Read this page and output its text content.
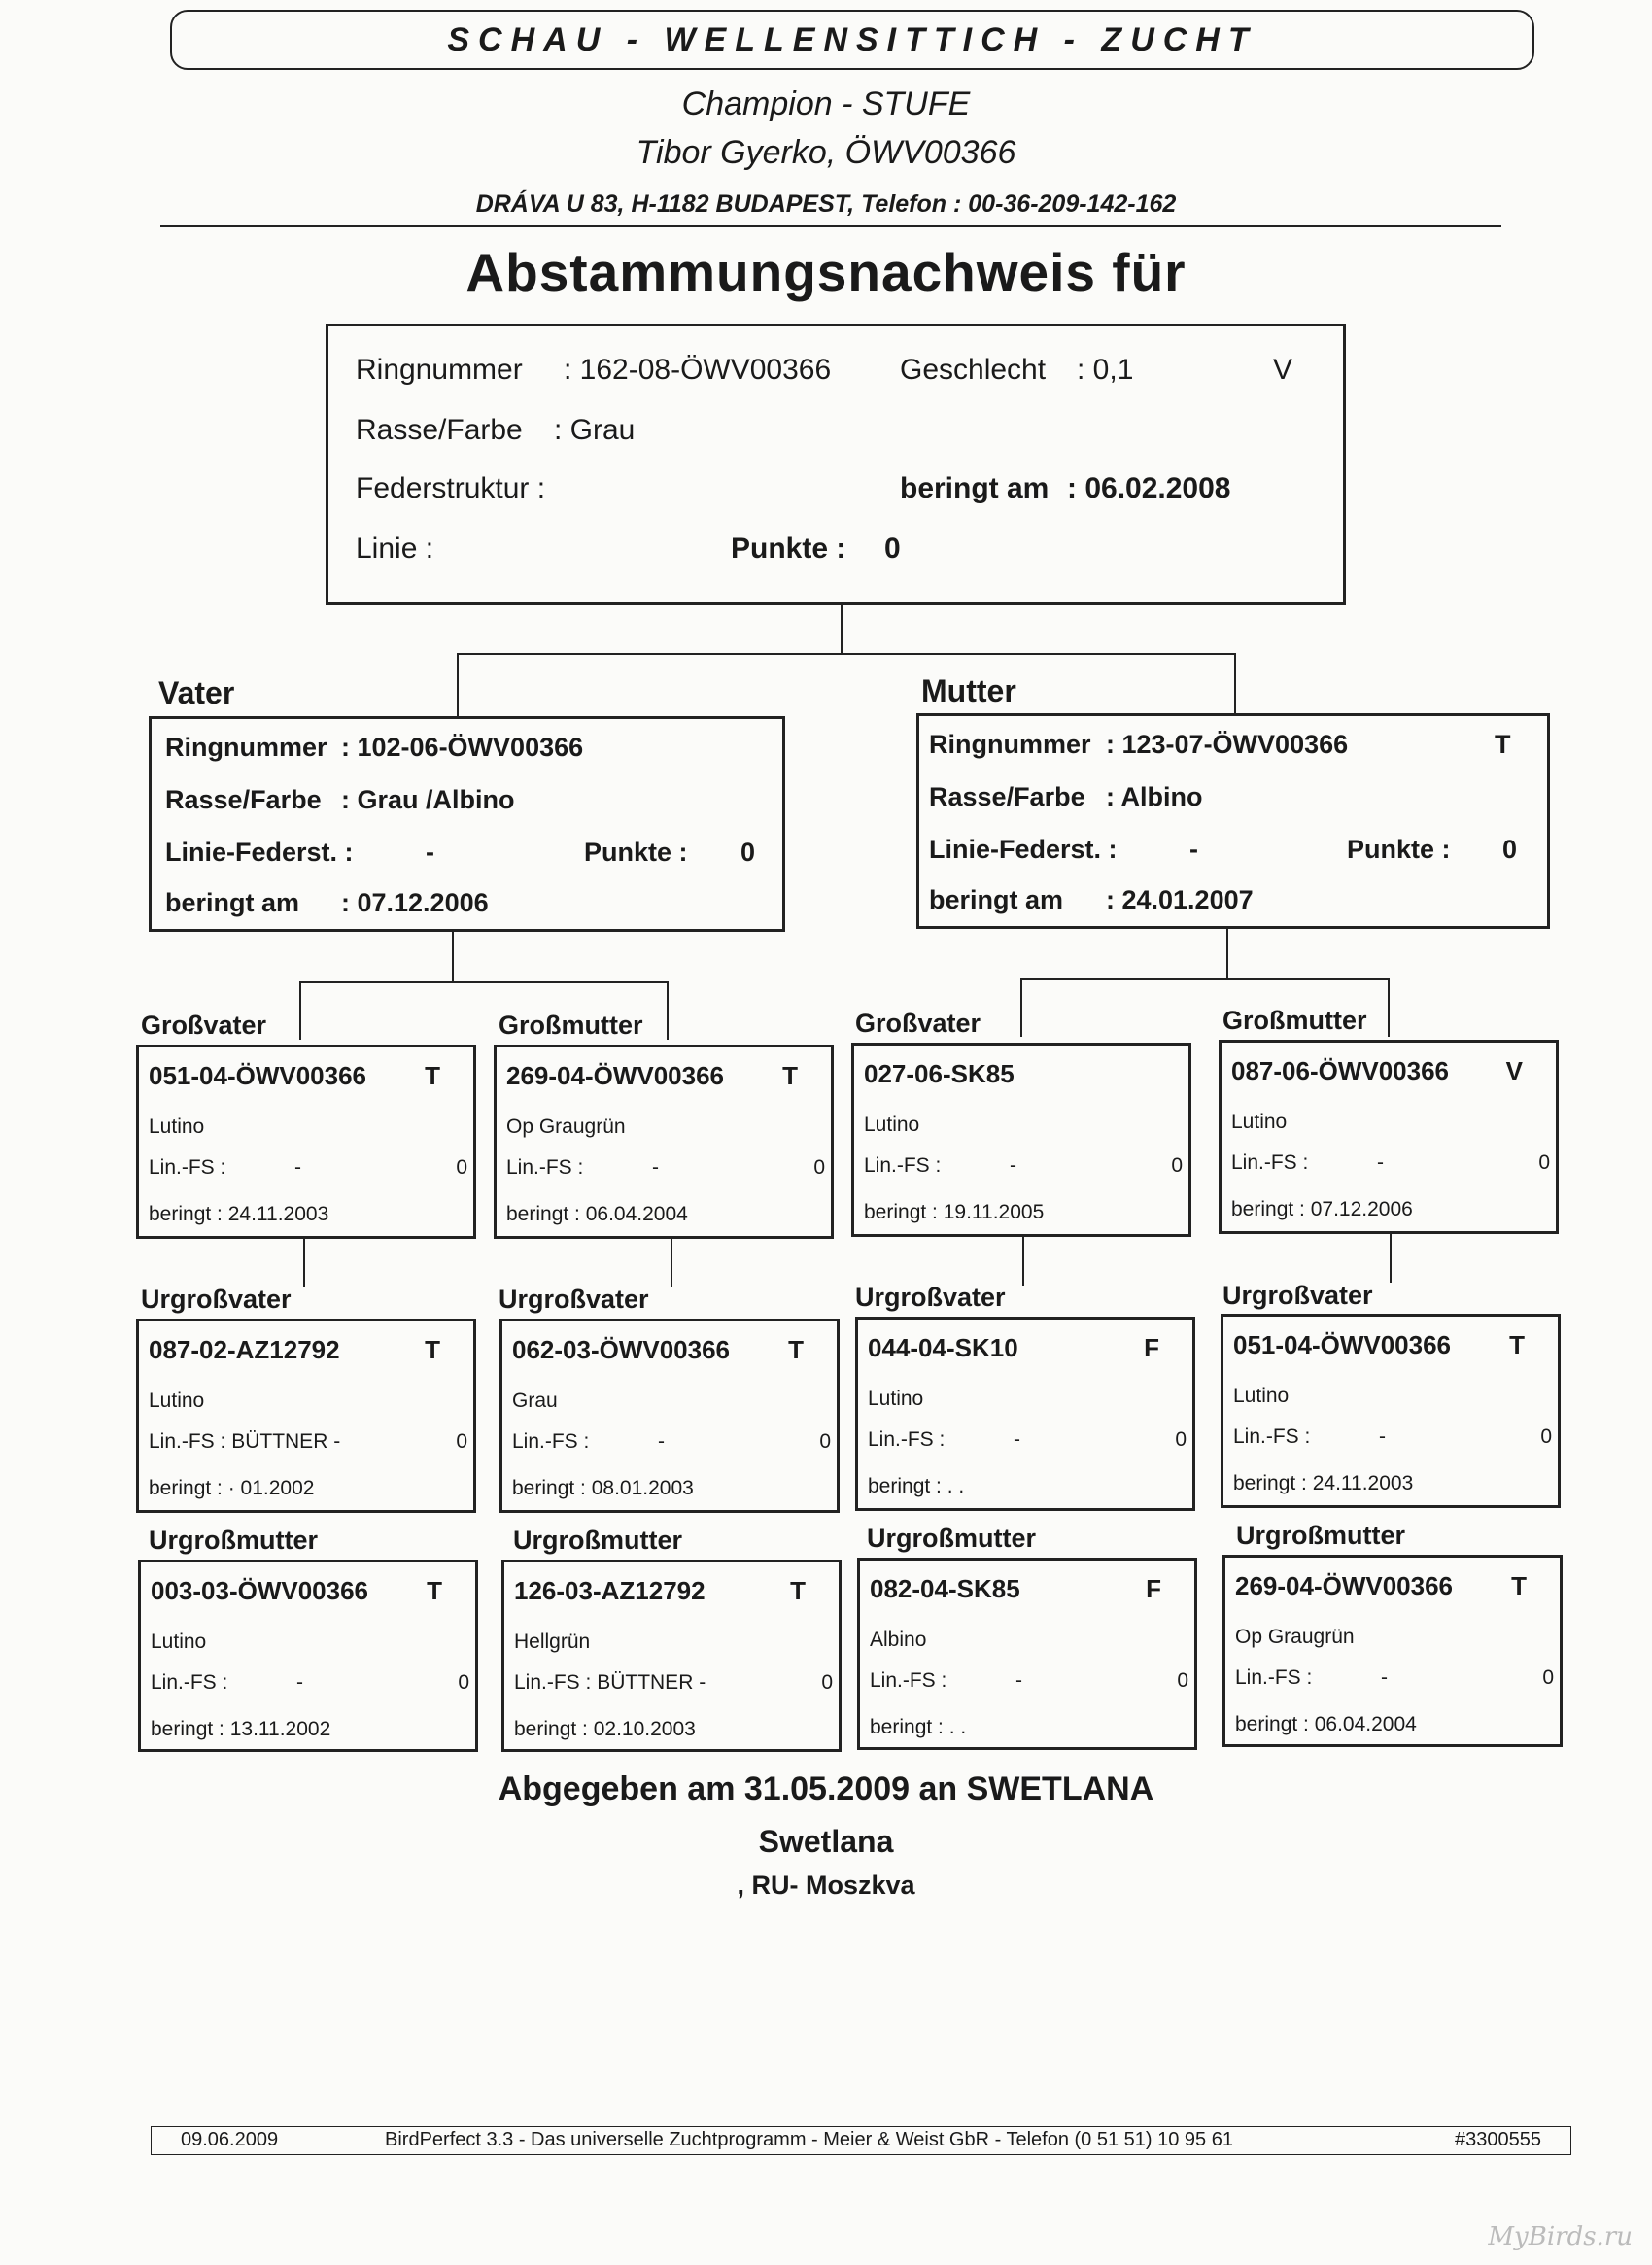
SCHAU - WELLENSITTICH - ZUCHT
Champion - STUFE
Tibor Gyerko, ÖWV00366
DRÁVA U 83, H-1182 BUDAPEST, Telefon : 00-36-209-142-162
Abstammungsnachweis für
Ringnummer : 162-08-ÖWV00366 Geschlecht : 0,1	V
Rasse/Farbe : Grau
Federstruktur :	beringt am : 06.02.2008
Linie :	Punkte : 0
Vater
Ringnummer : 102-06-ÖWV00366
Rasse/Farbe : Grau /Albino
Linie-Federst. :	-	Punkte : 0
beringt am : 07.12.2006
Mutter
Ringnummer : 123-07-ÖWV00366	T
Rasse/Farbe : Albino
Linie-Federst. :	-	Punkte : 0
beringt am : 24.01.2007
Großvater
051-04-ÖWV00366 T
Lutino
Lin.-FS :	-	0
beringt : 24.11.2003
Großmutter
269-04-ÖWV00366 T
Op Graugrün
Lin.-FS :	-	0
beringt : 06.04.2004
Großvater
027-06-SK85
Lutino
Lin.-FS :	-	0
beringt : 19.11.2005
Großmutter
087-06-ÖWV00366 V
Lutino
Lin.-FS :	-	0
beringt : 07.12.2006
Urgroßvater
087-02-AZ12792	T
Lutino
Lin.-FS : BÜTTNER -	0
beringt : · 01.2002
Urgroßvater
062-03-ÖWV00366 T
Grau
Lin.-FS :	-	0
beringt : 08.01.2003
Urgroßvater
044-04-SK10	F
Lutino
Lin.-FS :	-	0
beringt : . .
Urgroßvater
051-04-ÖWV00366 T
Lutino
Lin.-FS :	-	0
beringt : 24.11.2003
Urgroßmutter
003-03-ÖWV00366 T
Lutino
Lin.-FS :	-	0
beringt : 13.11.2002
Urgroßmutter
126-03-AZ12792	T
Hellgrün
Lin.-FS : BÜTTNER -	0
beringt : 02.10.2003
Urgroßmutter
082-04-SK85	F
Albino
Lin.-FS :	-	0
beringt : . .
Urgroßmutter
269-04-ÖWV00366 T
Op Graugrün
Lin.-FS :	-	0
beringt : 06.04.2004
Abgegeben am 31.05.2009 an SWETLANA
Swetlana
, RU- Moszkva
09.06.2009	BirdPerfect 3.3 - Das universelle Zuchtprogramm - Meier & Weist GbR - Telefon (0 51 51) 10 95 61	#3300555
MyBirds.ru
